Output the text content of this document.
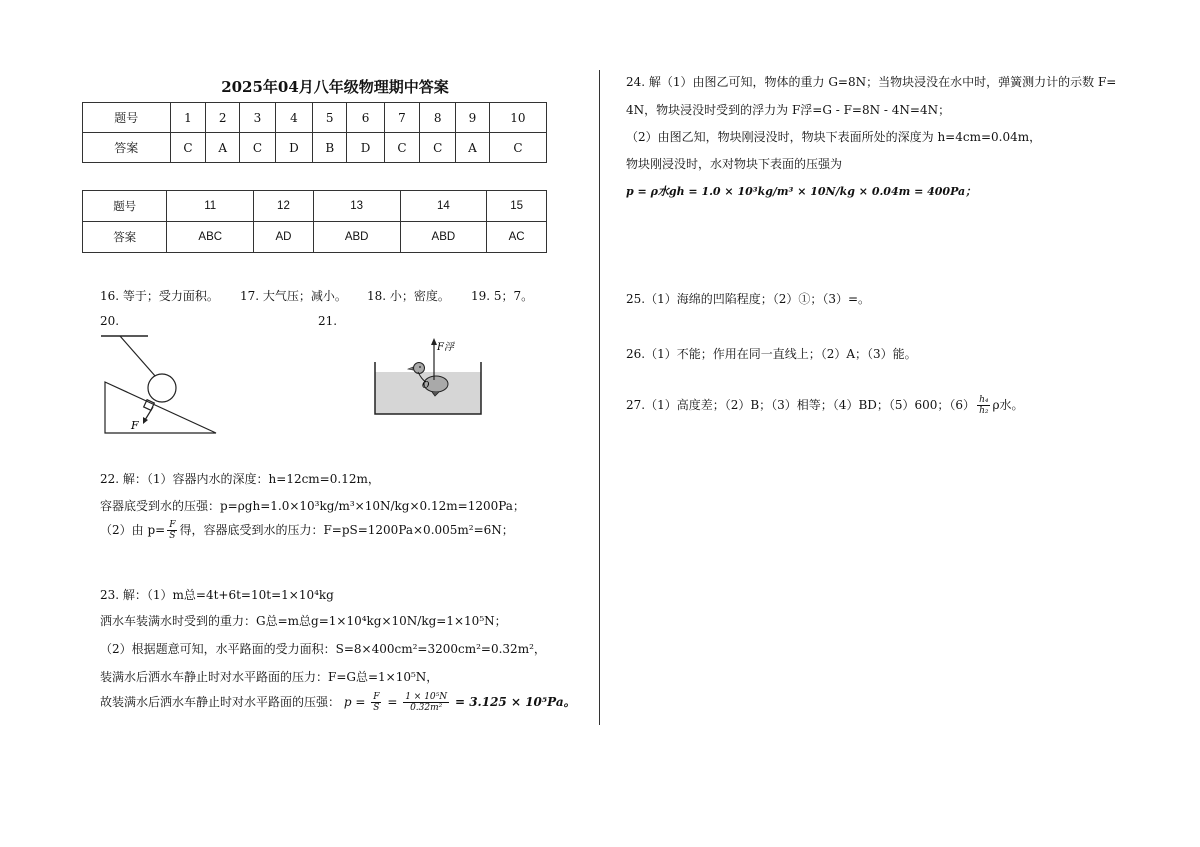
2025年04月八年级物理期中答案
题号	1	2	3	4	5	6	7	8	9	10
答案	C	A	C	D	B	D	C	C	A	C
题号	11	12	13	14	15
答案	ABC	AD	ABD	ABD	AC
16. 等于；受力面积。 17. 大气压；减小。 18. 小；密度。 19. 5；7。
20.	21.
F
F浮
O
22. 解：（1）容器内水的深度：h=12cm=0.12m，
容器底受到水的压强：p=ρgh=1.0×10³kg/m³×10N/kg×0.12m=1200Pa；
（2）由 $p= \frac{F}{S}$ 得，容器底受到水的压力：F=pS=1200Pa×0.005m²=6N；
23. 解：（1）m总=4t+6t=10t=1×10⁴kg
洒水车装满水时受到的重力：G总=m总g=1×10⁴kg×10N/kg=1×10⁵N；
（2）根据题意可知，水平路面的受力面积：S=8×400cm²=3200cm²=0.32m²，
装满水后洒水车静止时对水平路面的压力：F=G总=1×10⁵N，
故装满水后洒水车静止时对水平路面的压强： $p = \frac{F}{S} = \frac{\text{1 × 10⁵N}}{\text{0.32m²}} = 3.125 \times 10^5Pa$。
24. 解（1）由图乙可知，物体的重力 G=8N；当物块浸没在水中时，弹簧测力计的示数 F=
4N，物块浸没时受到的浮力为 F浮=G - F=8N - 4N=4N；
（2）由图乙知，物块刚浸没时，物块下表面所处的深度为 h=4cm=0.04m，
物块刚浸没时，水对物块下表面的压强为
p = ρ水gh = 1.0 × 10³kg/m³ × 10N/kg × 0.04m = 400Pa；
25.（1）海绵的凹陷程度；（2）①；（3）=。
26.（1）不能；作用在同一直线上；（2）A；（3）能。
27.（1）高度差；（2）B；（3）相等；（4）BD；（5）600；$(6) \frac{\text{h₄}}{\text{h₂}}$ ρ水。
